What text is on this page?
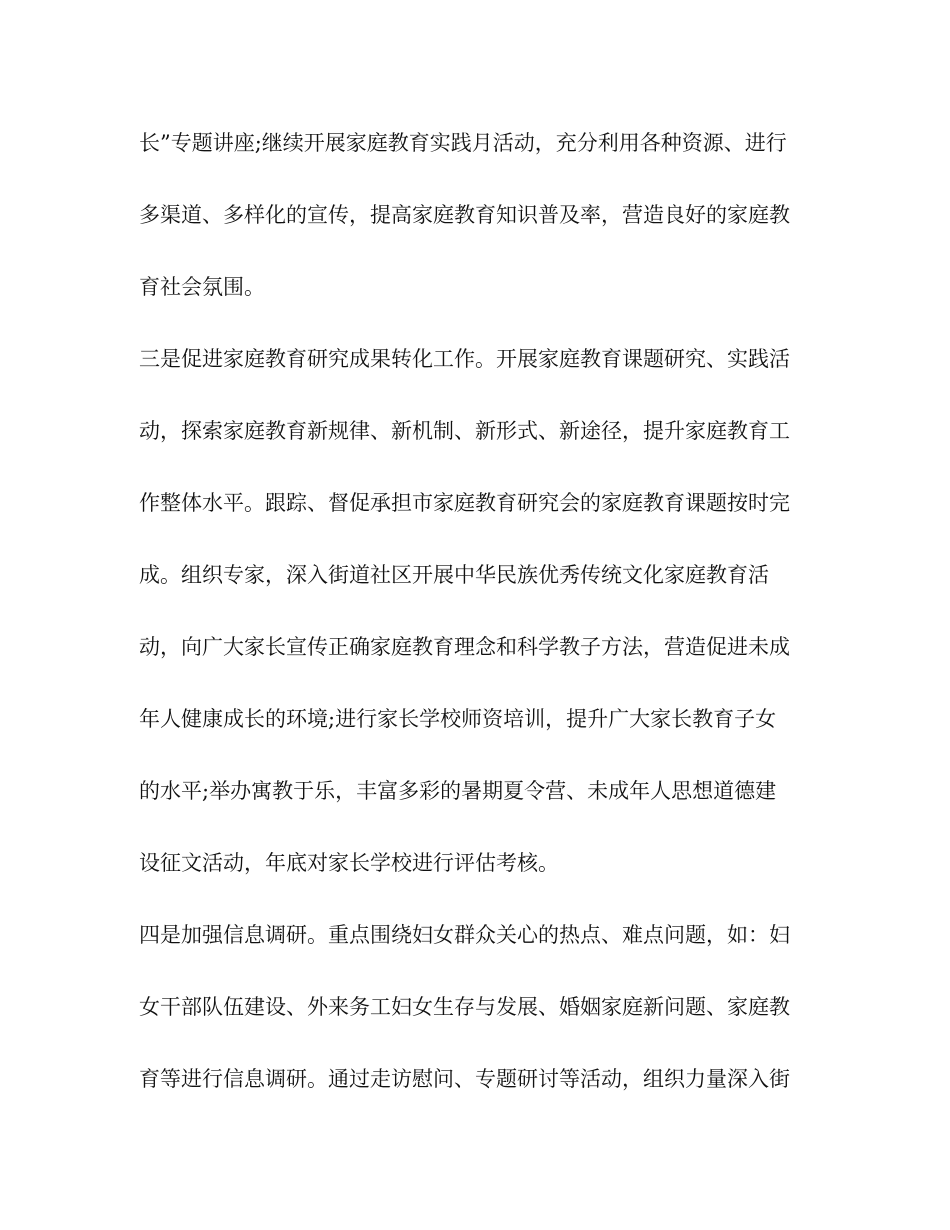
长”专题讲座;继续开展家庭教育实践月活动，充分利用各种资源、进行
多渠道、多样化的宣传，提高家庭教育知识普及率，营造良好的家庭教
育社会氛围。
三是促进家庭教育研究成果转化工作。开展家庭教育课题研究、实践活
动，探索家庭教育新规律、新机制、新形式、新途径，提升家庭教育工
作整体水平。跟踪、督促承担市家庭教育研究会的家庭教育课题按时完
成。组织专家，深入街道社区开展中华民族优秀传统文化家庭教育活
动，向广大家长宣传正确家庭教育理念和科学教子方法，营造促进未成
年人健康成长的环境;进行家长学校师资培训，提升广大家长教育子女
的水平;举办寓教于乐，丰富多彩的暑期夏令营、未成年人思想道德建
设征文活动，年底对家长学校进行评估考核。
四是加强信息调研。重点围绕妇女群众关心的热点、难点问题，如：妇
女干部队伍建设、外来务工妇女生存与发展、婚姻家庭新问题、家庭教
育等进行信息调研。通过走访慰问、专题研讨等活动，组织力量深入街
